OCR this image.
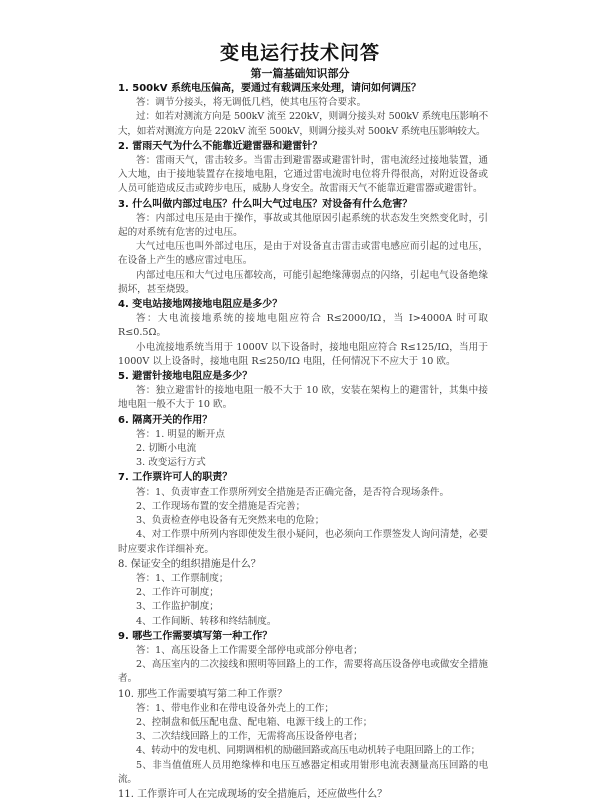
变电运行技术问答
第一篇基础知识部分
1. 500kV 系统电压偏高，要通过有载调压来处理，请问如何调压？

答：调节分接头，将无调低几档，使其电压符合要求。

过：如若对测流方向是 500kV 流至 220kV，则调分接头对 500kV 系统电压影响不大，如若对测流方向是 220kV 流至 500kV，则调分接头对 500kV 系统电压影响较大。

2. 雷雨天气为什么不能靠近避雷器和避雷针？

答：雷雨天气，雷击较多。当雷击到避雷器或避雷针时，雷电流经过接地装置，通入大地，由于接地装置存在接地电阻，它通过雷电流时电位将升得很高，对附近设备或人员可能造成反击或跨步电压，威胁人身安全。故雷雨天气不能靠近避雷器或避雷针。

3. 什么叫做内部过电压？什么叫大气过电压？对设备有什么危害？

答：内部过电压是由于操作，事故或其他原因引起系统的状态发生突然变化时，引起的对系统有危害的过电压。

大气过电压也叫外部过电压，是由于对设备直击雷击或雷电感应而引起的过电压，在设备上产生的感应雷过电压。

内部过电压和大气过电压都较高，可能引起绝缘薄弱点的闪络，引起电气设备绝缘损坏，甚至烧毁。

4. 变电站接地网接地电阻应是多少？

答：大电流接地系统的接地电阻应符合 R≤2000/IΩ，当 I>4000A 时可取 R≤0.5Ω。

小电流接地系统当用于 1000V 以下设备时，接地电阻应符合 R≤125/IΩ，当用于 1000V 以上设备时，接地电阻 R≤250/IΩ 电阻，任何情况下不应大于 10 欧。

5. 避雷针接地电阻应是多少？

答：独立避雷针的接地电阻一般不大于 10 欧，安装在架构上的避雷针，其集中接地电阻一般不大于 10 欧。

6. 隔离开关的作用？

答：1. 明显的断开点

2. 切断小电流

3. 改变运行方式

7. 工作票许可人的职责？

答：1、负责审查工作票所列安全措施是否正确完备，是否符合现场条件。

2、工作现场布置的安全措施是否完善；

3、负责检查停电设备有无突然来电的危险；

4、对工作票中所列内容即使发生很小疑问，也必须向工作票签发人询问清楚，必要时应要求作详细补充。

8. 保证安全的组织措施是什么？

答：1、工作票制度；

2、工作许可制度；

3、工作监护制度；

4、工作间断、转移和终结制度。

9. 哪些工作需要填写第一种工作？

答：1、高压设备上工作需要全部停电或部分停电者；

2、高压室内的二次接线和照明等回路上的工作，需要将高压设备停电或做安全措施者。

10. 那些工作需要填写第二种工作票？

答：1、带电作业和在带电设备外壳上的工作；

2、控制盘和低压配电盘、配电箱、电源干线上的工作；

3、二次结线回路上的工作，无需将高压设备停电者；

4、转动中的发电机、同期调相机的励磁回路或高压电动机转子电阻回路上的工作；

5、非当值值班人员用绝缘棒和电压互感器定相或用钳形电流表测量高压回路的电流。

11. 工作票许可人在完成现场的安全措施后，还应做些什么？
